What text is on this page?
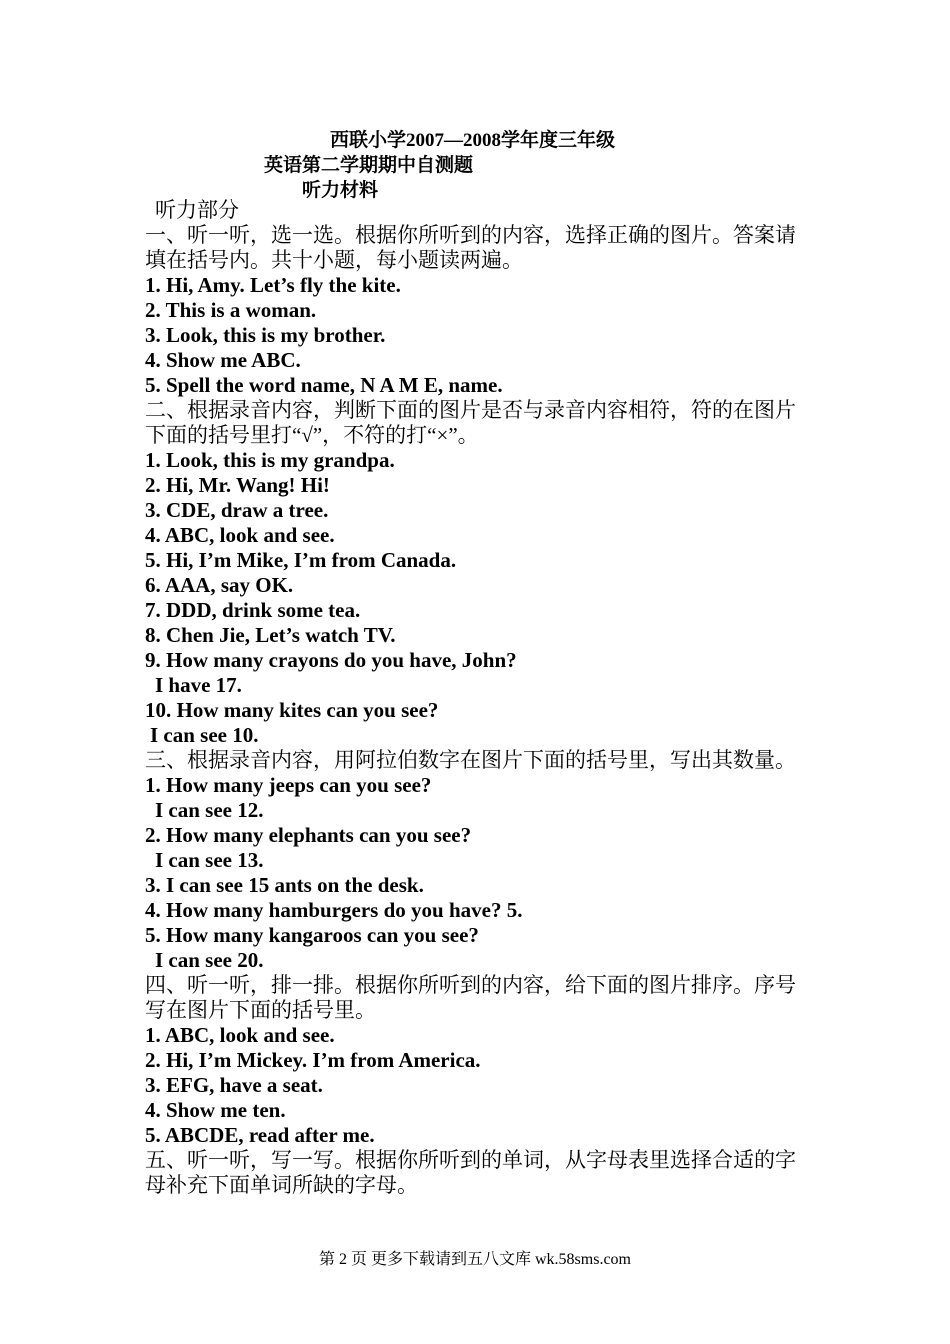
西联小学2007—2008学年度三年级
英语第二学期期中自测题
听力材料

听力部分

一、听一听，选一选。根据你所听到的内容，选择正确的图片。答案请填在括号内。共十小题，每小题读两遍。

1. Hi, Amy. Let’s fly the kite.

2. This is a woman.

3. Look, this is my brother.

4. Show me ABC.

5. Spell the word name, N A M E, name.

二、根据录音内容，判断下面的图片是否与录音内容相符，符的在图片下面的括号里打“√”，不符的打“×”。

1. Look, this is my grandpa.

2. Hi, Mr. Wang! Hi!

3. CDE, draw a tree.

4. ABC, look and see.

5. Hi, I’m Mike, I’m from Canada.

6. AAA, say OK.

7. DDD, drink some tea.

8. Chen Jie, Let’s watch TV.

9. How many crayons do you have, John?

I have 17.

10. How many kites can you see?

I can see 10.

三、根据录音内容，用阿拉伯数字在图片下面的括号里，写出其数量。

1. How many jeeps can you see?

I can see 12.

2. How many elephants can you see?

I can see 13.

3. I can see 15 ants on the desk.

4. How many hamburgers do you have? 5.

5. How many kangaroos can you see?

I can see 20.

四、听一听，排一排。根据你所听到的内容，给下面的图片排序。序号写在图片下面的括号里。

1. ABC, look and see.

2. Hi, I’m Mickey. I’m from America.

3. EFG, have a seat.

4. Show me ten.

5. ABCDE, read after me.

五、听一听，写一写。根据你所听到的单词，从字母表里选择合适的字母补充下面单词所缺的字母。

第 2 页 更多下载请到五八文库 wk.58sms.com
